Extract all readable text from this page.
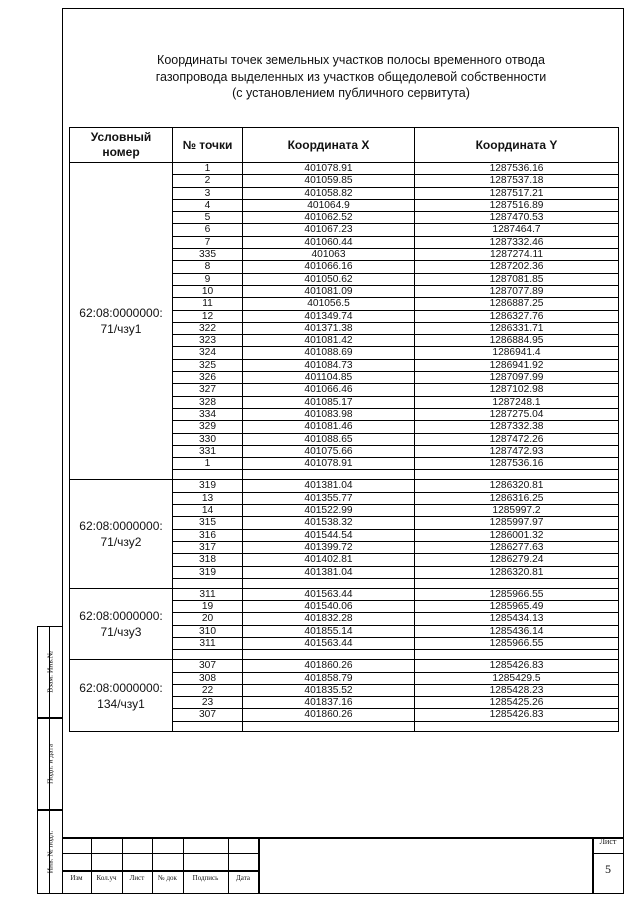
Координаты точек земельных участков полосы временного отвода
газопровода выделенных из участков общедолевой собственности
(с установлением публичного сервитута)
Условный
номер	№ точки	Координата X	Координата Y
62:08:0000000:
71/чзу1	1	401078.91	1287536.16
	2	401059.85	1287537.18
	3	401058.82	1287517.21
	4	401064.9	1287516.89
	5	401062.52	1287470.53
	6	401067.23	1287464.7
	7	401060.44	1287332.46
	335	401063	1287274.11
	8	401066.16	1287202.36
	9	401050.62	1287081.85
	10	401081.09	1287077.89
	11	401056.5	1286887.25
	12	401349.74	1286327.76
	322	401371.38	1286331.71
	323	401081.42	1286884.95
	324	401088.69	1286941.4
	325	401084.73	1286941.92
	326	401104.85	1287097.99
	327	401066.46	1287102.98
	328	401085.17	1287248.1
	334	401083.98	1287275.04
	329	401081.46	1287332.38
	330	401088.65	1287472.26
	331	401075.66	1287472.93
	1	401078.91	1287536.16

62:08:0000000:
71/чзу2	319	401381.04	1286320.81
	13	401355.77	1286316.25
	14	401522.99	1285997.2
	315	401538.32	1285997.97
	316	401544.54	1286001.32
	317	401399.72	1286277.63
	318	401402.81	1286279.24
	319	401381.04	1286320.81

62:08:0000000:
71/чзу3	311	401563.44	1285966.55
	19	401540.06	1285965.49
	20	401832.28	1285434.13
	310	401855.14	1285436.14
	311	401563.44	1285966.55

62:08:0000000:
134/чзу1	307	401860.26	1285426.83
	308	401858.79	1285429.5
	22	401835.52	1285428.23
	23	401837.16	1285425.26
	307	401860.26	1285426.83

Взам. Инв.№
Подп. и дата
Инв. № подл.
Изм	Кол.уч	Лист	№ док	Подпись	Дата
Лист
5
